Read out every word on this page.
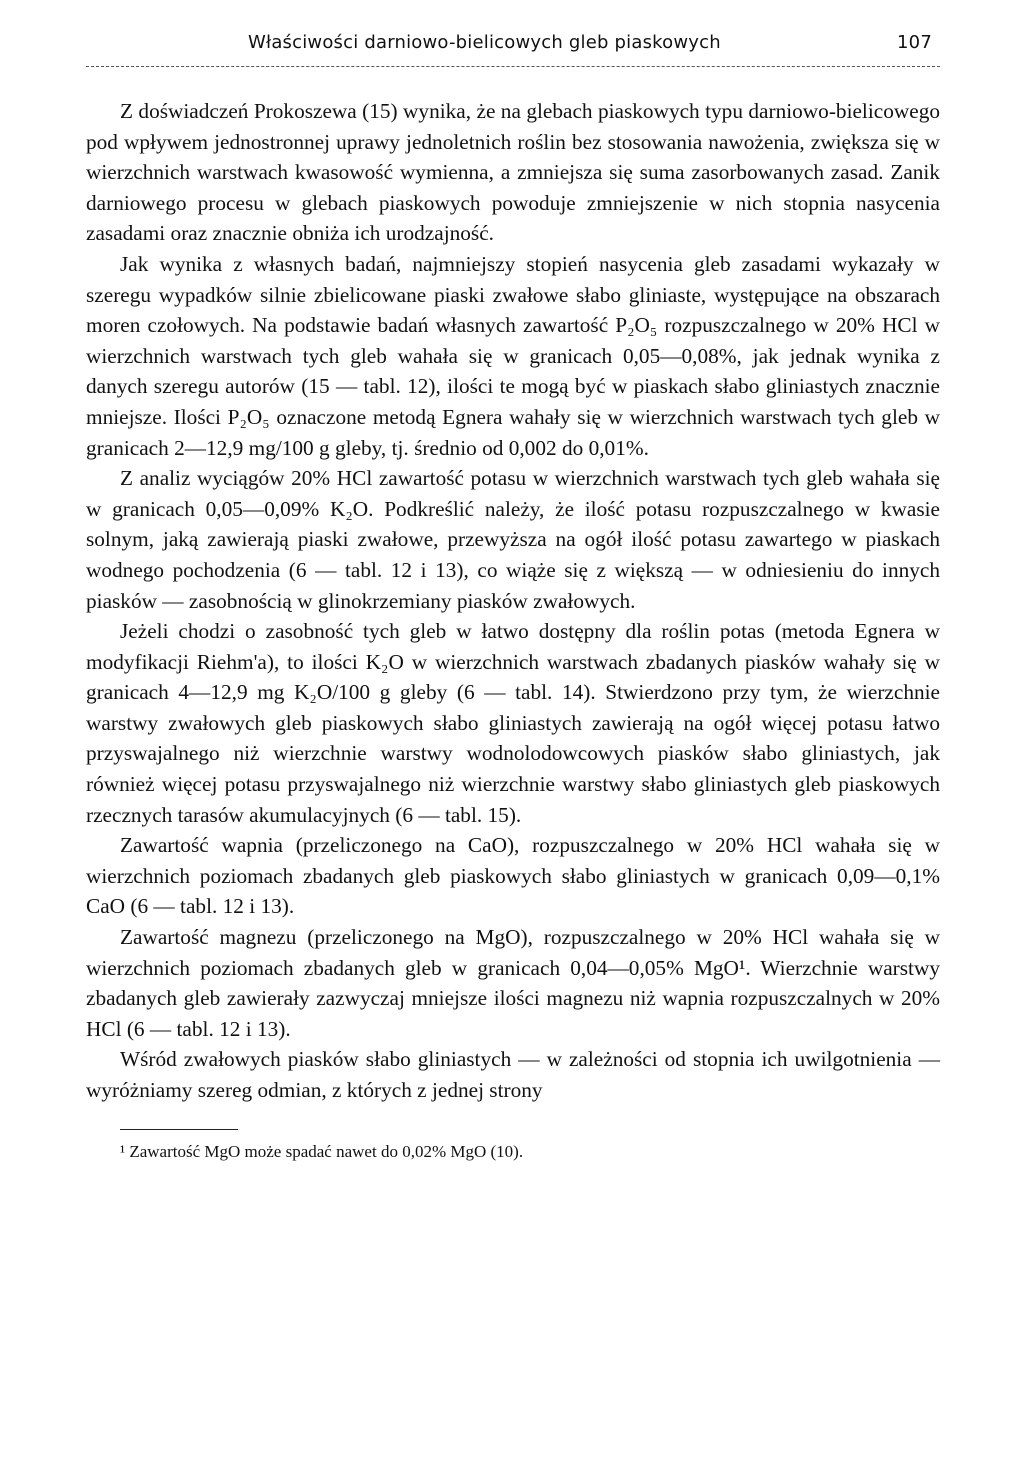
Właściwości darniowo-bielicowych gleb piaskowych	107

Z doświadczeń Prokoszewa (15) wynika, że na glebach piaskowych typu darniowo-bielicowego pod wpływem jednostronnej uprawy jednoletnich roślin bez stosowania nawożenia, zwiększa się w wierzchnich warstwach kwasowość wymienna, a zmniejsza się suma zasorbowanych zasad. Zanik darniowego procesu w glebach piaskowych powoduje zmniejszenie w nich stopnia nasycenia zasadami oraz znacznie obniża ich urodzajność.

Jak wynika z własnych badań, najmniejszy stopień nasycenia gleb zasadami wykazały w szeregu wypadków silnie zbielicowane piaski zwałowe słabo gliniaste, występujące na obszarach moren czołowych. Na podstawie badań własnych zawartość P₂O₅ rozpuszczalnego w 20% HCl w wierzchnich warstwach tych gleb wahała się w granicach 0,05—0,08%, jak jednak wynika z danych szeregu autorów (15 — tabl. 12), ilości te mogą być w piaskach słabo gliniastych znacznie mniejsze. Ilości P₂O₅ oznaczone metodą Egnera wahały się w wierzchnich warstwach tych gleb w granicach 2—12,9 mg/100 g gleby, tj. średnio od 0,002 do 0,01%.

Z analiz wyciągów 20% HCl zawartość potasu w wierzchnich warstwach tych gleb wahała się w granicach 0,05—0,09% K₂O. Podkreślić należy, że ilość potasu rozpuszczalnego w kwasie solnym, jaką zawierają piaski zwałowe, przewyższa na ogół ilość potasu zawartego w piaskach wodnego pochodzenia (6 — tabl. 12 i 13), co wiąże się z większą — w odniesieniu do innych piasków — zasobnością w glinokrzemiany piasków zwałowych.

Jeżeli chodzi o zasobność tych gleb w łatwo dostępny dla roślin potas (metoda Egnera w modyfikacji Riehm'a), to ilości K₂O w wierzchnich warstwach zbadanych piasków wahały się w granicach 4—12,9 mg K₂O/100 g gleby (6 — tabl. 14). Stwierdzono przy tym, że wierzchnie warstwy zwałowych gleb piaskowych słabo gliniastych zawierają na ogół więcej potasu łatwo przyswajalnego niż wierzchnie warstwy wodnolodowcowych piasków słabo gliniastych, jak również więcej potasu przyswajalnego niż wierzchnie warstwy słabo gliniastych gleb piaskowych rzecznych tarasów akumulacyjnych (6 — tabl. 15).

Zawartość wapnia (przeliczonego na CaO), rozpuszczalnego w 20% HCl wahała się w wierzchnich poziomach zbadanych gleb piaskowych słabo gliniastych w granicach 0,09—0,1% CaO (6 — tabl. 12 i 13).

Zawartość magnezu (przeliczonego na MgO), rozpuszczalnego w 20% HCl wahała się w wierzchnich poziomach zbadanych gleb w granicach 0,04—0,05% MgO¹. Wierzchnie warstwy zbadanych gleb zawierały zazwyczaj mniejsze ilości magnezu niż wapnia rozpuszczalnych w 20% HCl (6 — tabl. 12 i 13).

Wśród zwałowych piasków słabo gliniastych — w zależności od stopnia ich uwilgotnienia — wyróżniamy szereg odmian, z których z jednej strony

¹ Zawartość MgO może spadać nawet do 0,02% MgO (10).
